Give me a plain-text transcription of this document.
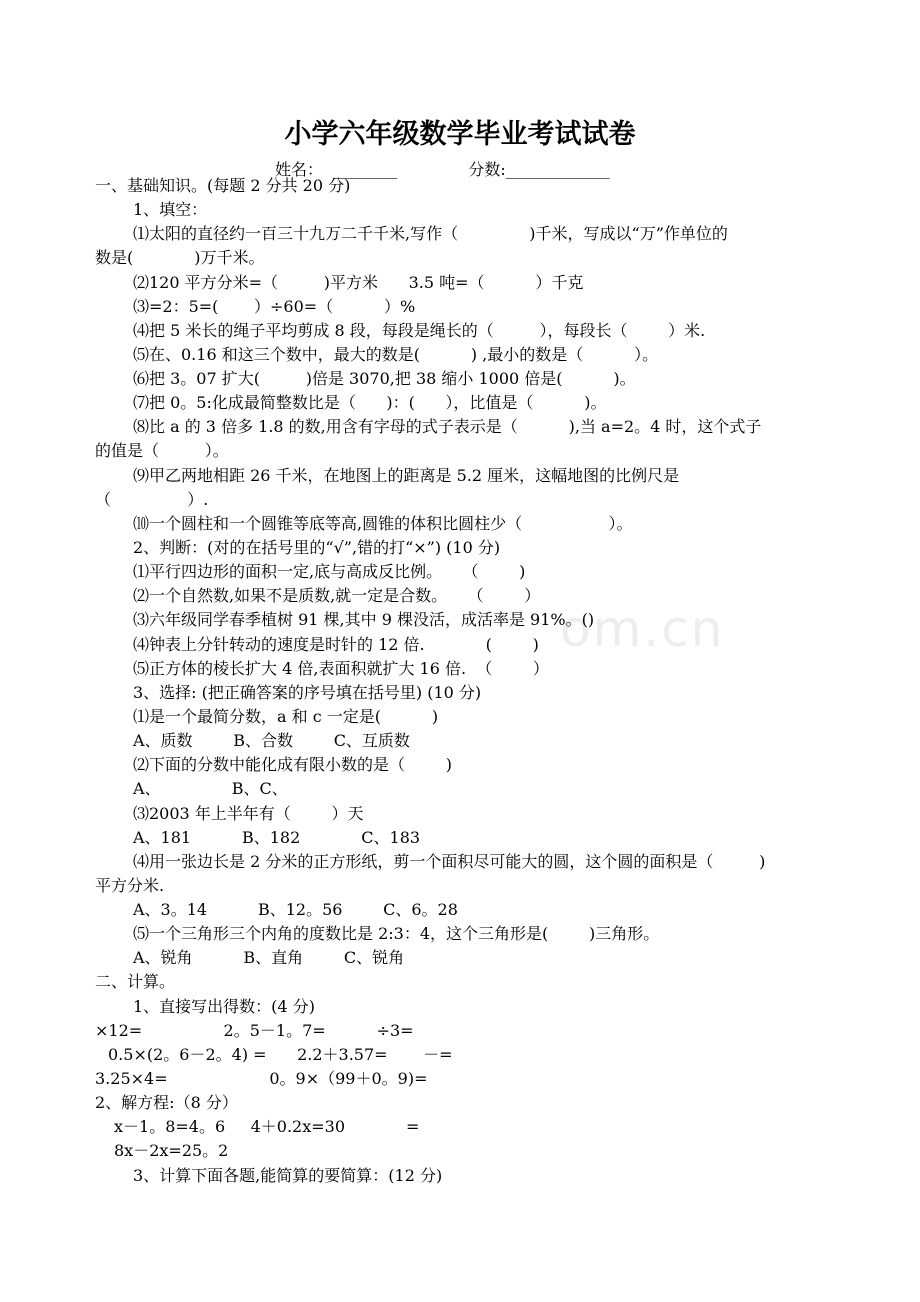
小学六年级数学毕业考试试卷
姓名：  ________              分数:_____________
om.cn
一、基础知识。(每题 2 分共 20 分)
1、填空：
⑴太阳的直径约一百三十九万二千千米,写作（              )千米，写成以“万”作单位的
数是(            )万千米。
⑵120 平方分米=（         )平方米      3.5 吨=（          ）千克
⑶=2：5=(       ）÷60=（          ）%
⑷把 5 米长的绳子平均剪成 8 段，每段是绳长的（         ），每段长（        ）米.
⑸在、0.16 和这三个数中，最大的数是(          ) ,最小的数是（          ）。
⑹把 3。07 扩大(         )倍是 3070,把 38 缩小 1000 倍是(          )。
⑺把 0。5:化成最简整数比是（      )：(      ），比值是（          )。
⑻比 a 的 3 倍多 1.8 的数,用含有字母的式子表示是（          ),当 a=2。4 时，这个式子
的值是（         ）。
⑼甲乙两地相距 26 千米，在地图上的距离是 5.2 厘米，这幅地图的比例尺是
（               ）.
⑽一个圆柱和一个圆锥等底等高,圆锥的体积比圆柱少（                 ）。
2、判断：(对的在括号里的“√”,错的打“×”) (10 分)
⑴平行四边形的面积一定,底与高成反比例。    （        )
⑵一个自然数,如果不是质数,就一定是合数。    （        ）
⑶六年级同学春季植树 91 棵,其中 9 棵没活，成活率是 91%。()
⑷钟表上分针转动的速度是时针的 12 倍.            (        )
⑸正方体的棱长扩大 4 倍,表面积就扩大 16 倍.  （        ）
3、选择: (把正确答案的序号填在括号里) (10 分)
⑴是一个最简分数，a 和 c 一定是(          )
A、质数        B、合数        C、互质数
⑵下面的分数中能化成有限小数的是（        )
A、              B、C、
⑶2003 年上半年有（        ）天
A、181          B、182            C、183
⑷用一张边长是 2 分米的正方形纸，剪一个面积尽可能大的圆，这个圆的面积是（         )
平方分米.
A、3。14          B、12。56        C、6。28
⑸一个三角形三个内角的度数比是 2:3：4，这个三角形是(        )三角形。
A、锐角          B、直角        C、锐角
二、计算。
1、直接写出得数：(4 分)
×12=                2。5－1。7=          ÷3=
0.5×(2。6－2。4) =      2.2＋3.57=       －=
3.25×4=                    0。9×（99＋0。9)=
2、解方程:（8 分）
x－1。8=4。6     4＋0.2x=30            =
8x－2x=25。2
3、计算下面各题,能简算的要简算：(12 分)
